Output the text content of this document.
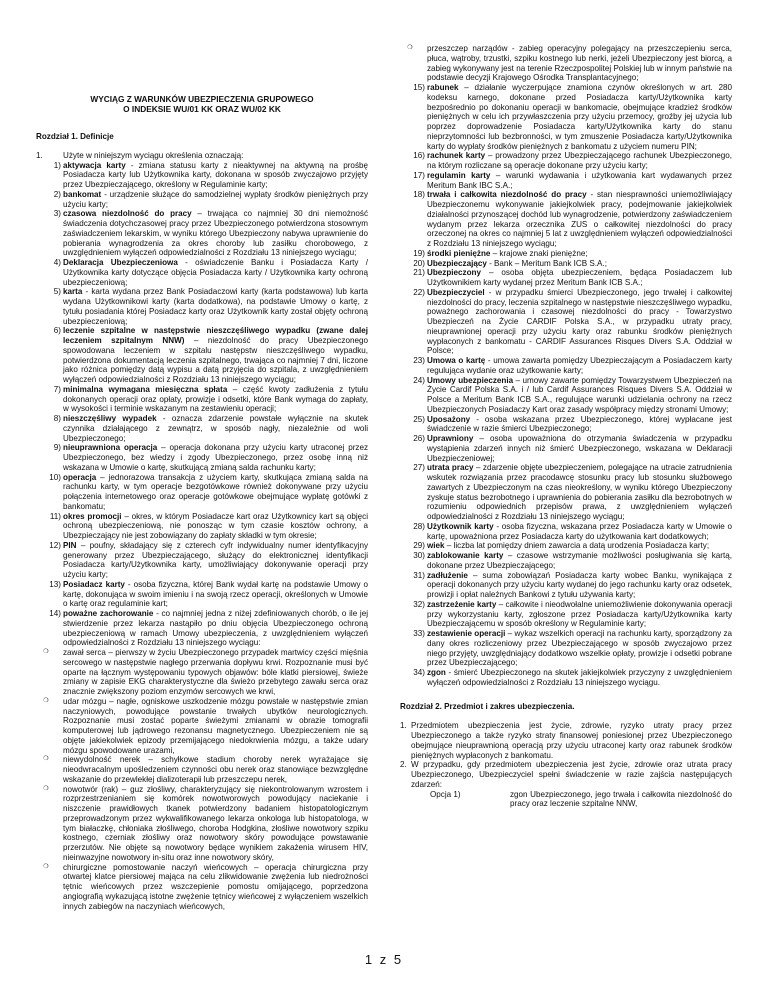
WYCIĄG Z WARUNKÓW UBEZPIECZENIA GRUPOWEGO
O INDEKSIE WU/01 KK ORAZ WU/02 KK
Rozdział 1. Definicje
1.	Użyte w niniejszym wyciągu określenia oznaczają:
1) aktywacja karty - zmiana statusu karty z nieaktywnej na aktywną na prośbę Posiadacza karty lub Użytkownika karty, dokonana w sposób zwyczajowo przyjęty przez Ubezpieczającego, określony w Regulaminie karty;
2) bankomat - urządzenie służące do samodzielnej wypłaty środków pieniężnych przy użyciu karty;
3) czasowa niezdolność do pracy – trwająca co najmniej 30 dni niemożność świadczenia dotychczasowej pracy przez Ubezpieczonego potwierdzona stosownym zaświadczeniem lekarskim, w wyniku którego Ubezpieczony nabywa uprawnienie do pobierania wynagrodzenia za okres choroby lub zasiłku chorobowego, z uwzględnieniem wyłączeń odpowiedzialności z Rozdziału 13 niniejszego wyciągu;
4) Deklaracja Ubezpieczeniowa - oświadczenie Banku i Posiadacza Karty / Użytkownika karty dotyczące objęcia Posiadacza karty / Użytkownika karty ochroną ubezpieczeniową;
5) karta - karta wydana przez Bank Posiadaczowi karty (karta podstawowa) lub karta wydana Użytkownikowi karty (karta dodatkowa), na podstawie Umowy o kartę, z tytułu posiadania której Posiadacz karty oraz Użytkownik karty został objęty ochroną ubezpieczeniową;
6) leczenie szpitalne w następstwie nieszczęśliwego wypadku (zwane dalej leczeniem szpitalnym NNW) – niezdolność do pracy Ubezpieczonego spowodowana leczeniem w szpitalu następstw nieszczęśliwego wypadku, potwierdzona dokumentacją leczenia szpitalnego, trwająca co najmniej 7 dni, liczone jako różnica pomiędzy datą wypisu a datą przyjęcia do szpitala, z uwzględnieniem wyłączeń odpowiedzialności z Rozdziału 13 niniejszego wyciągu;
7) minimalna wymagana miesięczna spłata – część kwoty zadłużenia z tytułu dokonanych operacji oraz opłaty, prowizje i odsetki, które Bank wymaga do zapłaty, w wysokości i terminie wskazanym na zestawieniu operacji;
8) nieszczęśliwy wypadek - oznacza zdarzenie powstałe wyłącznie na skutek czynnika działającego z zewnątrz, w sposób nagły, niezależnie od woli Ubezpieczonego;
9) nieuprawniona operacja – operacja dokonana przy użyciu karty utraconej przez Ubezpieczonego, bez wiedzy i zgody Ubezpieczonego, przez osobę inną niż wskazana w Umowie o kartę, skutkującą zmianą salda rachunku karty;
10) operacja – jednorazowa transakcja z użyciem karty, skutkująca zmianą salda na rachunku karty, w tym operacje bezgotówkowe również dokonywane przy użyciu połączenia internetowego oraz operacje gotówkowe obejmujące wypłatę gotówki z bankomatu;
11) okres promocji – okres, w którym Posiadacze kart oraz Użytkownicy kart są objęci ochroną ubezpieczeniową, nie ponosząc w tym czasie kosztów ochrony, a Ubezpieczający nie jest zobowiązany do zapłaty składki w tym okresie;
12) PIN – poufny, składający się z czterech cyfr indywidualny numer identyfikacyjny generowany przez Ubezpieczającego, służący do elektronicznej identyfikacji Posiadacza karty/Użytkownika karty, umożliwiający dokonywanie operacji przy użyciu karty;
13) Posiadacz karty - osoba fizyczna, której Bank wydał kartę na podstawie Umowy o kartę, dokonująca w swoim imieniu i na swoją rzecz operacji, określonych w Umowie o kartę oraz regulaminie kart;
14) poważne zachorowanie - co najmniej jedna z niżej zdefiniowanych chorób, o ile jej stwierdzenie przez lekarza nastąpiło po dniu objęcia Ubezpieczonego ochroną ubezpieczeniową w ramach Umowy ubezpieczenia, z uwzględnieniem wyłączeń odpowiedzialności z Rozdziału 13 niniejszego wyciągu:
❍	zawał serca – pierwszy w życiu Ubezpieczonego przypadek martwicy części mięśnia sercowego w następstwie nagłego przerwania dopływu krwi. Rozpoznanie musi być oparte na łącznym występowaniu typowych objawów: bóle klatki piersiowej, świeże zmiany w zapisie EKG charakterystyczne dla świeżo przebytego zawału serca oraz znacznie zwiększony poziom enzymów sercowych we krwi,
❍	udar mózgu – nagłe, ogniskowe uszkodzenie mózgu powstałe w następstwie zmian naczyniowych, powodujące powstanie trwałych ubytków neurologicznych. Rozpoznanie musi zostać poparte świeżymi zmianami w obrazie tomografii komputerowej lub jądrowego rezonansu magnetycznego. Ubezpieczeniem nie są objęte jakiekolwiek epizody przemijającego niedokrwienia mózgu, a także udary mózgu spowodowane urazami,
❍	niewydolność nerek – schyłkowe stadium choroby nerek wyrażające się nieodwracalnym upośledzeniem czynności obu nerek oraz stanowiące bezwzględne wskazanie do przewlekłej dializoterapii lub przeszczepu nerek,
❍	nowotwór (rak) – guz złośliwy, charakteryzujący się niekontrolowanym wzrostem i rozprzestrzenianiem się komórek nowotworowych powodujący naciekanie i niszczenie prawidłowych tkanek potwierdzony badaniem histopatologicznym przeprowadzonym przez wykwalifikowanego lekarza onkologa lub histopatologa, w tym białaczkę, chłoniaka złośliwego, choroba Hodgkina, złośliwe nowotwory szpiku kostnego, czerniak złośliwy oraz nowotwory skóry powodujące powstawanie przerzutów. Nie objęte są nowotwory będące wynikiem zakażenia wirusem HIV, nieinwazyjne nowotwory in-situ oraz inne nowotwory skóry,
❍	chirurgiczne pomostowanie naczyń wieńcowych – operacja chirurgiczna przy otwartej klatce piersiowej mająca na celu zlikwidowanie zwężenia lub niedrożności tętnic wieńcowych przez wszczepienie pomostu omijającego, poprzedzona angiografią wykazującą istotne zwężenie tętnicy wieńcowej z wyłączeniem wszelkich innych zabiegów na naczyniach wieńcowych,
❍	przeszczep narządów - zabieg operacyjny polegający na przeszczepieniu serca, płuca, wątroby, trzustki, szpiku kostnego lub nerki, jeżeli Ubezpieczony jest biorcą, a zabieg wykonywany jest na terenie Rzeczpospolitej Polskiej lub w innym państwie na podstawie decyzji Krajowego Ośrodka Transplantacyjnego;
15) rabunek – działanie wyczerpujące znamiona czynów określonych w art. 280 kodeksu karnego, dokonane przed Posiadacza karty/Użytkownika karty bezpośrednio po dokonaniu operacji w bankomacie, obejmujące kradzież środków pieniężnych w celu ich przywłaszczenia przy użyciu przemocy, groźby jej użycia lub poprzez doprowadzenie Posiadacza karty/Użytkownika karty do stanu nieprzytomności lub bezbronności, w tym zmuszenie Posiadacza karty/Użytkownika karty do wypłaty środków pieniężnych z bankomatu z użyciem numeru PIN;
16) rachunek karty – prowadzony przez Ubezpieczającego rachunek Ubezpieczonego, na którym rozliczane są operacje dokonane przy użyciu karty;
17) regulamin karty – warunki wydawania i użytkowania kart wydawanych przez Meritum Bank IBC S.A.;
18) trwała i całkowita niezdolność do pracy - stan niesprawności uniemożliwiający Ubezpieczonemu wykonywanie jakiejkolwiek pracy, podejmowanie jakiejkolwiek działalności przynoszącej dochód lub wynagrodzenie, potwierdzony zaświadczeniem wydanym przez lekarza orzecznika ZUS o całkowitej niezdolności do pracy orzeczonej na okres co najmniej 5 lat z uwzględnieniem wyłączeń odpowiedzialności z Rozdziału 13 niniejszego wyciągu;
19) środki pieniężne – krajowe znaki pieniężne;
20) Ubezpieczający - Bank – Meritum Bank ICB S.A.;
21) Ubezpieczony – osoba objęta ubezpieczeniem, będąca Posiadaczem lub Użytkownikiem karty wydanej przez Meritum Bank ICB S.A.;
22) Ubezpieczyciel - w przypadku śmierci Ubezpieczonego, jego trwałej i całkowitej niezdolności do pracy, leczenia szpitalnego w następstwie nieszczęśliwego wypadku, poważnego zachorowania i czasowej niezdolności do pracy - Towarzystwo Ubezpieczeń na Życie CARDIF Polska S.A., w przypadku utraty pracy, nieuprawnionej operacji przy użyciu karty oraz rabunku środków pieniężnych wypłaconych z bankomatu - CARDIF Assurances Risques Divers S.A. Oddział w Polsce;
23) Umowa o kartę - umowa zawarta pomiędzy Ubezpieczającym a Posiadaczem karty regulująca wydanie oraz użytkowanie karty;
24) Umowy ubezpieczenia – umowy zawarte pomiędzy Towarzystwem Ubezpieczeń na Życie Cardif Polska S.A. i / lub Cardif Assurances Risques Divers S.A. Oddział w Polsce a Meritum Bank ICB S.A., regulujące warunki udzielania ochrony na rzecz Ubezpieczonych Posiadaczy Kart oraz zasady współpracy między stronami Umowy;
25) Uposażony - osoba wskazana przez Ubezpieczonego, której wypłacane jest świadczenie w razie śmierci Ubezpieczonego;
26) Uprawniony – osoba upoważniona do otrzymania świadczenia w przypadku wystąpienia zdarzeń innych niż śmierć Ubezpieczonego, wskazana w Deklaracji Ubezpieczeniowej;
27) utrata pracy – zdarzenie objęte ubezpieczeniem, polegające na utracie zatrudnienia wskutek rozwiązania przez pracodawcę stosunku pracy lub stosunku służbowego zawartych z Ubezpieczonym na czas nieokreślony, w wyniku którego Ubezpieczony zyskuje status bezrobotnego i uprawnienia do pobierania zasiłku dla bezrobotnych w rozumieniu odpowiednich przepisów prawa, z uwzględnieniem wyłączeń odpowiedzialności z Rozdziału 13 niniejszego wyciągu;
28) Użytkownik karty - osoba fizyczna, wskazana przez Posiadacza karty w Umowie o kartę, upoważniona przez Posiadacza karty do użytkowania kart dodatkowych;
29) wiek – liczba lat pomiędzy dniem zawarcia a datą urodzenia Posiadacza karty;
30) zablokowanie karty – czasowe wstrzymanie możliwości posługiwania się kartą, dokonane przez Ubezpieczającego;
31) zadłużenie – suma zobowiązań Posiadacza karty wobec Banku, wynikająca z operacji dokonanych przy użyciu karty wydanej do jego rachunku karty oraz odsetek, prowizji i opłat należnych Bankowi z tytułu używania karty;
32) zastrzeżenie karty – całkowite i nieodwołalne uniemożliwienie dokonywania operacji przy wykorzystaniu karty, zgłoszone przez Posiadacza karty/Użytkownika karty Ubezpieczającemu w sposób określony w Regulaminie karty;
33) zestawienie operacji – wykaz wszelkich operacji na rachunku karty, sporządzony za dany okres rozliczeniowy przez Ubezpieczającego w sposób zwyczajowo przez niego przyjęty, uwzględniający dodatkowo wszelkie opłaty, prowizje i odsetki pobrane przez Ubezpieczającego;
34) zgon - śmierć Ubezpieczonego na skutek jakiejkolwiek przyczyny z uwzględnieniem wyłączeń odpowiedzialności z Rozdziału 13 niniejszego wyciągu.
Rozdział 2. Przedmiot i zakres ubezpieczenia.
1. Przedmiotem ubezpieczenia jest życie, zdrowie, ryzyko utraty pracy przez Ubezpieczonego a także ryzyko straty finansowej poniesionej przez Ubezpieczonego obejmujące nieuprawnioną operacją przy użyciu utraconej karty oraz rabunek środków pieniężnych wypłaconych z bankomatu.
2. W przypadku, gdy przedmiotem ubezpieczenia jest życie, zdrowie oraz utrata pracy Ubezpieczonego, Ubezpieczyciel spełni świadczenie w razie zajścia następujących zdarzeń:
Opcja 1)	zgon Ubezpieczonego, jego trwała i całkowita niezdolność do pracy oraz leczenie szpitalne NNW,
1 z 5
